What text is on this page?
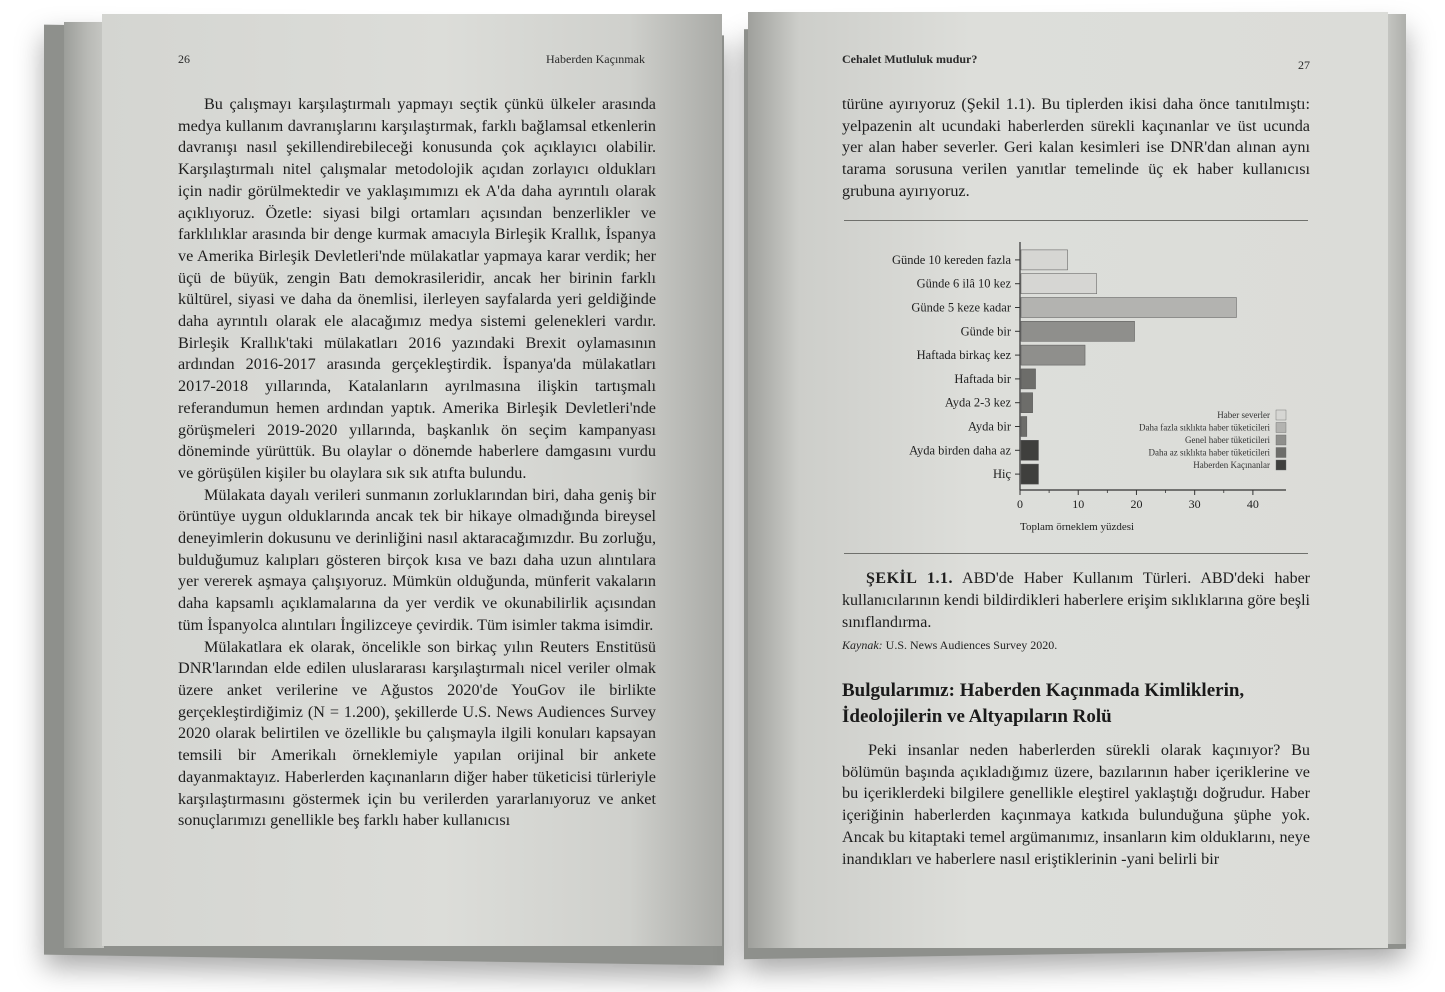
26	Haberden Kaçınmak

Bu çalışmayı karşılaştırmalı yapmayı seçtik çünkü ülkeler arasında medya kullanım davranışlarını karşılaştırmak, farklı bağlamsal etkenlerin davranışı nasıl şekillendirebileceği konusunda çok açıklayıcı olabilir. Karşılaştırmalı nitel çalışmalar metodolojik açıdan zorlayıcı oldukları için nadir görülmektedir ve yaklaşımımızı ek A'da daha ayrıntılı olarak açıklıyoruz. Özetle: siyasi bilgi ortamları açısından benzerlikler ve farklılıklar arasında bir denge kurmak amacıyla Birleşik Krallık, İspanya ve Amerika Birleşik Devletleri'nde mülakatlar yapmaya karar verdik; her üçü de büyük, zengin Batı demokrasileridir, ancak her birinin farklı kültürel, siyasi ve daha da önemlisi, ilerleyen sayfalarda yeri geldiğinde daha ayrıntılı olarak ele alacağımız medya sistemi gelenekleri vardır. Birleşik Krallık'taki mülakatları 2016 yazındaki Brexit oylamasının ardından 2016-2017 arasında gerçekleştirdik. İspanya'da mülakatları 2017-2018 yıllarında, Katalanların ayrılmasına ilişkin tartışmalı referandumun hemen ardından yaptık. Amerika Birleşik Devletleri'nde görüşmeleri 2019-2020 yıllarında, başkanlık ön seçim kampanyası döneminde yürüttük. Bu olaylar o dönemde haberlere damgasını vurdu ve görüşülen kişiler bu olaylara sık sık atıfta bulundu.

Mülakata dayalı verileri sunmanın zorluklarından biri, daha geniş bir örüntüye uygun olduklarında ancak tek bir hikaye olmadığında bireysel deneyimlerin dokusunu ve derinliğini nasıl aktaracağımızdır. Bu zorluğu, bulduğumuz kalıpları gösteren birçok kısa ve bazı daha uzun alıntılara yer vererek aşmaya çalışıyoruz. Mümkün olduğunda, münferit vakaların daha kapsamlı açıklamalarına da yer verdik ve okunabilirlik açısından tüm İspanyolca alıntıları İngilizceye çevirdik. Tüm isimler takma isimdir.

Mülakatlara ek olarak, öncelikle son birkaç yılın Reuters Enstitüsü DNR'larından elde edilen uluslararası karşılaştırmalı nicel veriler olmak üzere anket verilerine ve Ağustos 2020'de YouGov ile birlikte gerçekleştirdiğimiz (N = 1.200), şekillerde U.S. News Audiences Survey 2020 olarak belirtilen ve özellikle bu çalışmayla ilgili konuları kapsayan temsili bir Amerikalı örneklemiyle yapılan orijinal bir ankete dayanmaktayız. Haberlerden kaçınanların diğer haber tüketicisi türleriyle karşılaştırmasını göstermek için bu verilerden yararlanıyoruz ve anket sonuçlarımızı genellikle beş farklı haber kullanıcısı

Cehalet Mutluluk mudur?	27

türüne ayırıyoruz (Şekil 1.1). Bu tiplerden ikisi daha önce tanıtılmıştı: yelpazenin alt ucundaki haberlerden sürekli kaçınanlar ve üst ucunda yer alan haber severler. Geri kalan kesimleri ise DNR'dan alınan aynı tarama sorusuna verilen yanıtlar temelinde üç ek haber kullanıcısı grubuna ayırıyoruz.

Günde 10 kereden fazla
Günde 6 ilâ 10 kez
Günde 5 keze kadar
Günde bir
Haftada birkaç kez
Haftada bir
Ayda 2-3 kez
Ayda bir
Ayda birden daha az
Hiç
0	10	20	30	40
Toplam örneklem yüzdesi
Haber severler
Daha fazla sıklıkta haber tüketicileri
Genel haber tüketicileri
Daha az sıklıkta haber tüketicileri
Haberden Kaçınanlar
ŞEKİL 1.1. ABD'de Haber Kullanım Türleri. ABD'deki haber kullanıcılarının kendi bildirdikleri haberlere erişim sıklıklarına göre beşli sınıflandırma.
Kaynak: U.S. News Audiences Survey 2020.
Bulgularımız: Haberden Kaçınmada Kimliklerin, İdeolojilerin ve Altyapıların Rolü

Peki insanlar neden haberlerden sürekli olarak kaçınıyor? Bu bölümün başında açıkladığımız üzere, bazılarının haber içeriklerine ve bu içeriklerdeki bilgilere genellikle eleştirel yaklaştığı doğrudur. Haber içeriğinin haberlerden kaçınmaya katkıda bulunduğuna şüphe yok. Ancak bu kitaptaki temel argümanımız, insanların kim olduklarını, neye inandıkları ve haberlere nasıl eriştiklerinin -yani belirli bir
